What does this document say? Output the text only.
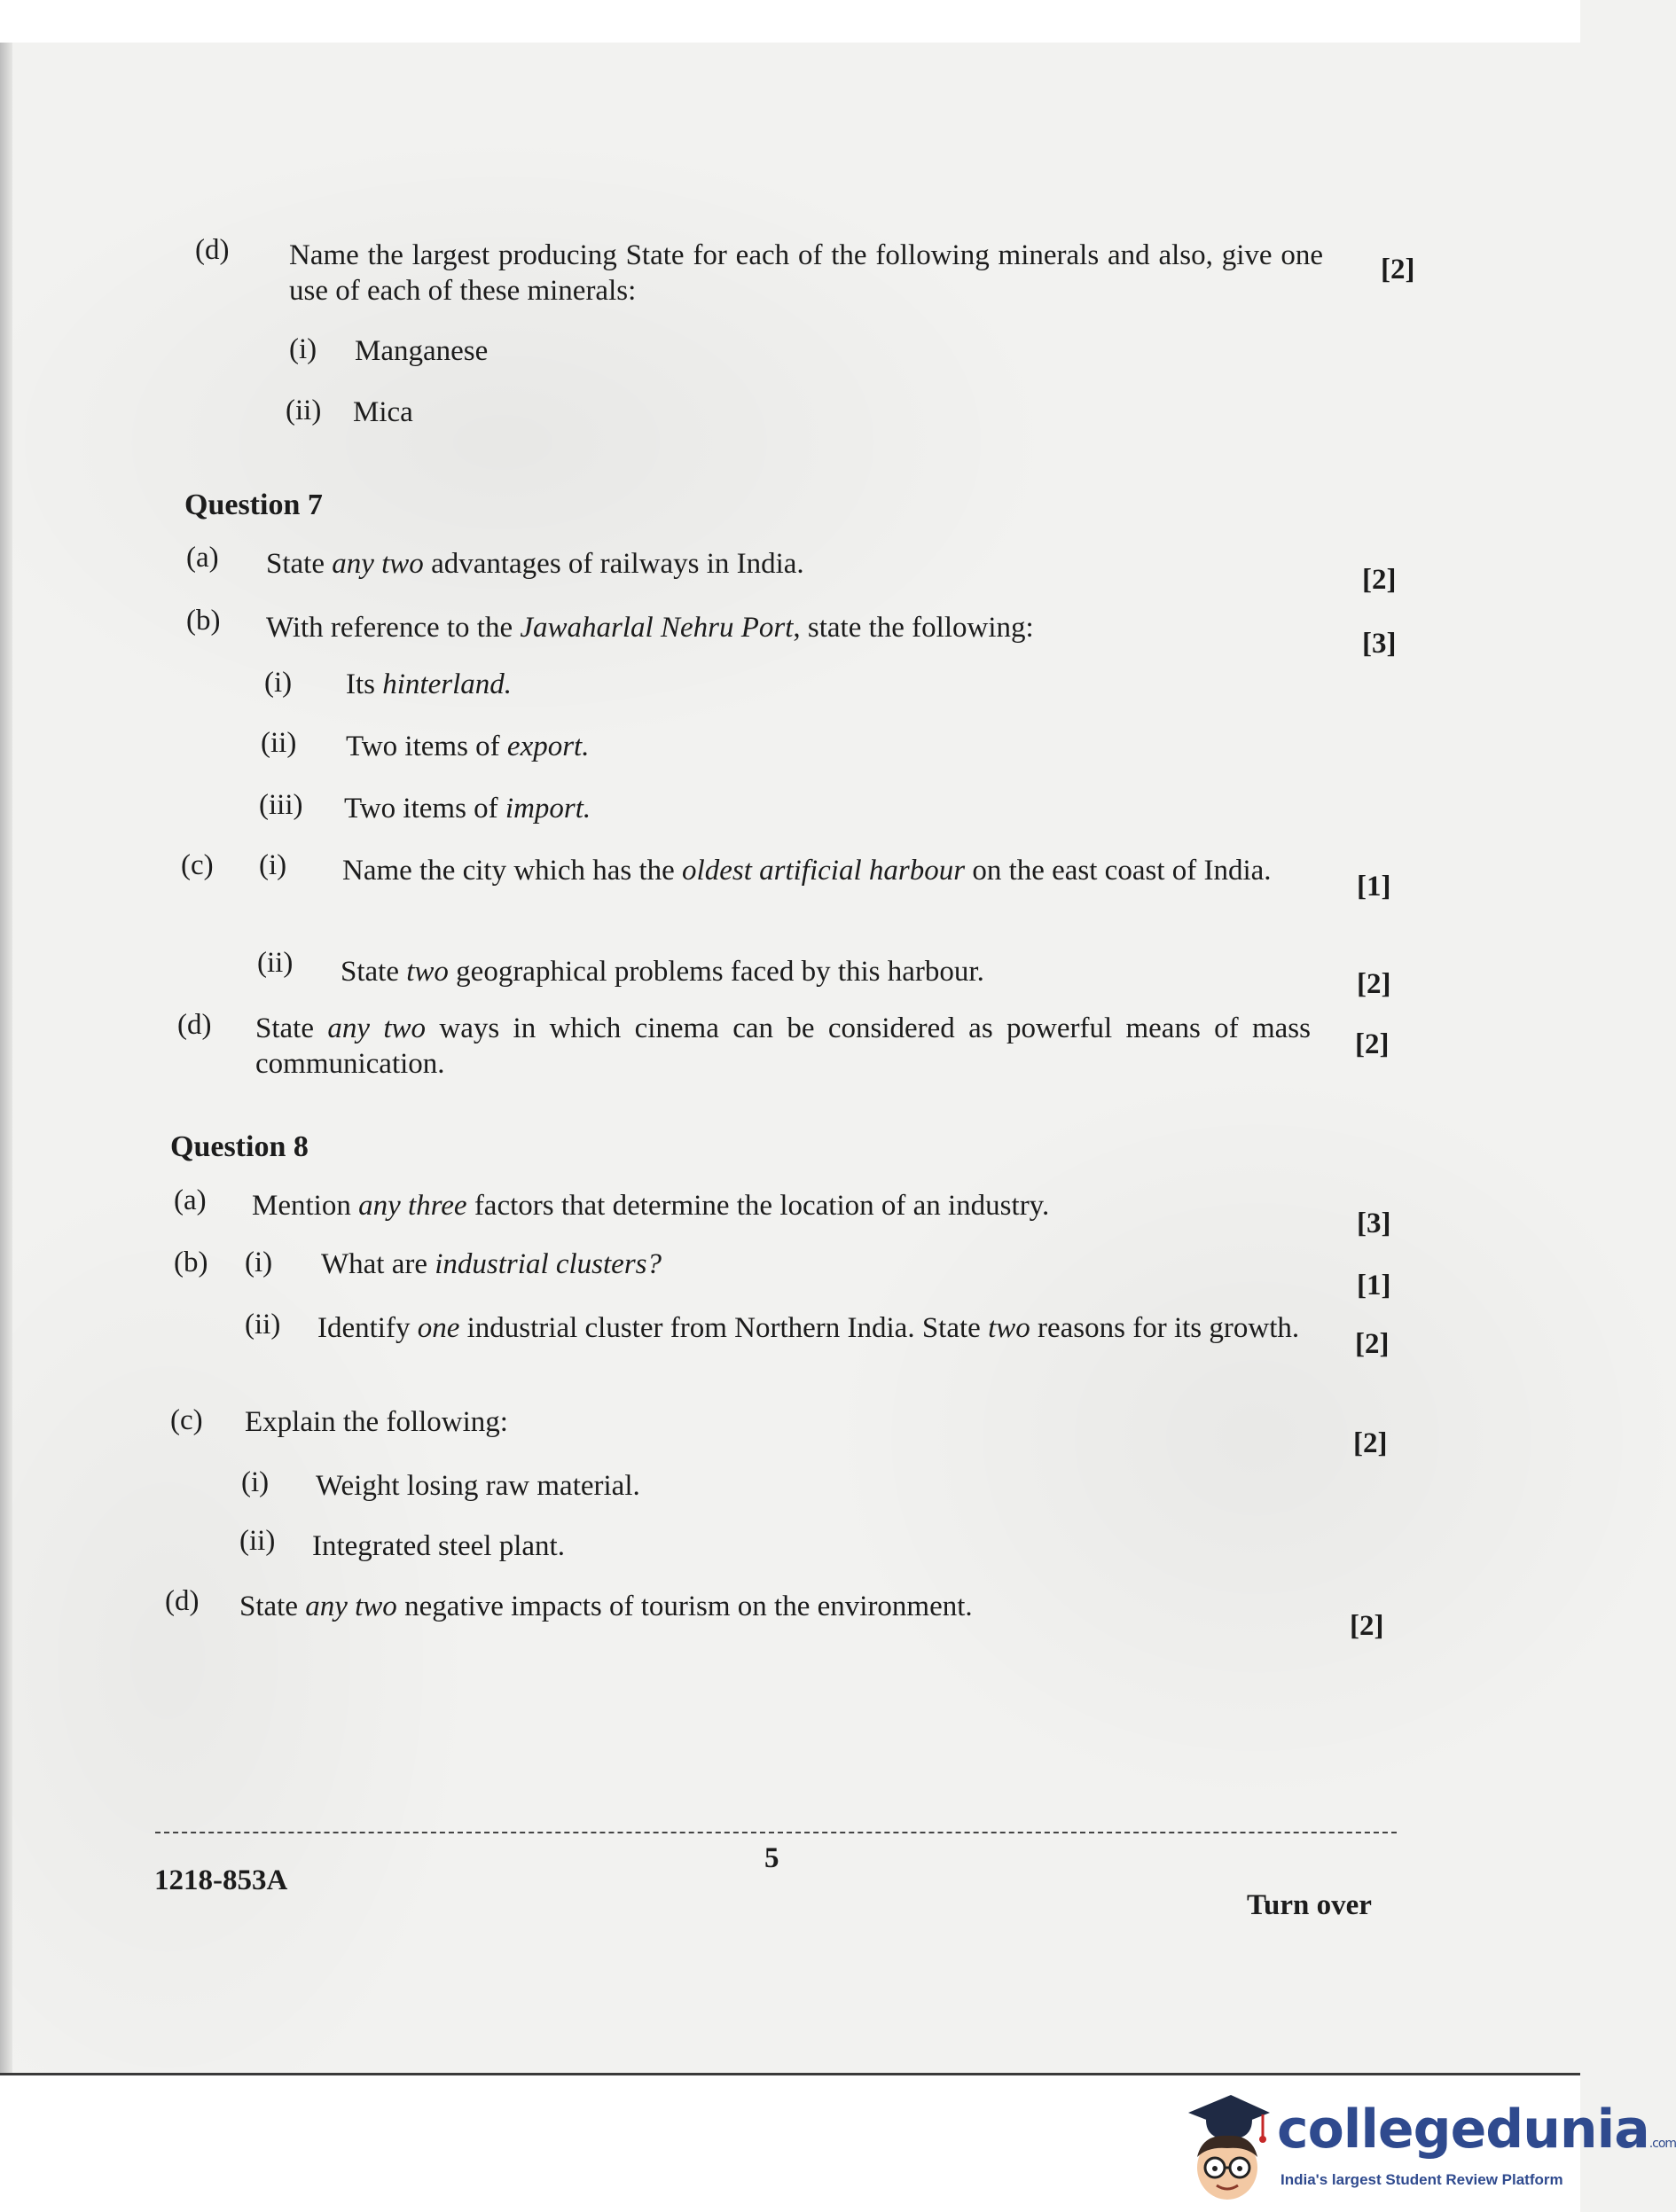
(d) Name the largest producing State for each of the following minerals and also, give one use of each of these minerals:
[2]
(i) Manganese
(ii) Mica
Question 7
(a) State any two advantages of railways in India.	[2]
(b) With reference to the Jawaharlal Nehru Port, state the following:	[3]
(i) Its hinterland.
(ii) Two items of export.
(iii) Two items of import.
(c) (i) Name the city which has the oldest artificial harbour on the east coast of India.	[1]
(ii) State two geographical problems faced by this harbour.	[2]
(d) State any two ways in which cinema can be considered as powerful means of mass communication.
[2]
Question 8
(a) Mention any three factors that determine the location of an industry.
[3]
(b) (i) What are industrial clusters?
[1]
(ii) Identify one industrial cluster from Northern India. State two reasons for its growth. [2]
(c) Explain the following:
[2]
(i) Weight losing raw material.
(ii) Integrated steel plant.
(d) State any two negative impacts of tourism on the environment.
[2]
5
1218-853A
Turn over
collegedunia.com
India's largest Student Review Platform
